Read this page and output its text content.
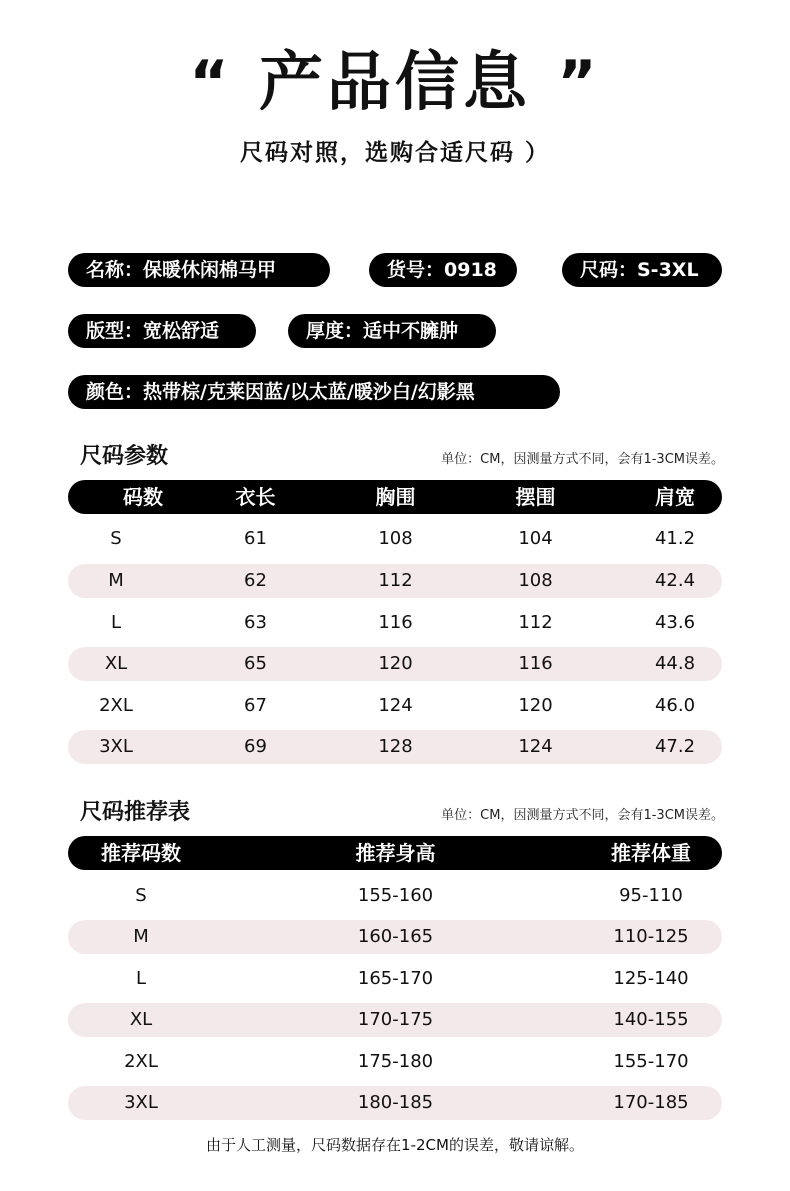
“ 产品信息 ”
尺码对照，选购合适尺码 ）
名称：保暖休闲棉马甲	货号：0918	尺码：S-3XL
版型：宽松舒适	厚度：适中不臃肿
颜色：热带棕/克莱因蓝/以太蓝/暖沙白/幻影黑
尺码参数	单位：CM，因测量方式不同，会有1-3CM误差。
码数	衣长	胸围	摆围	肩宽
S	61	108	104	41.2
M	62	112	108	42.4
L	63	116	112	43.6
XL	65	120	116	44.8
2XL	67	124	120	46.0
3XL	69	128	124	47.2
尺码推荐表	单位：CM，因测量方式不同，会有1-3CM误差。
推荐码数	推荐身高	推荐体重
S	155-160	95-110
M	160-165	110-125
L	165-170	125-140
XL	170-175	140-155
2XL	175-180	155-170
3XL	180-185	170-185
由于人工测量，尺码数据存在1-2CM的误差，敬请谅解。
